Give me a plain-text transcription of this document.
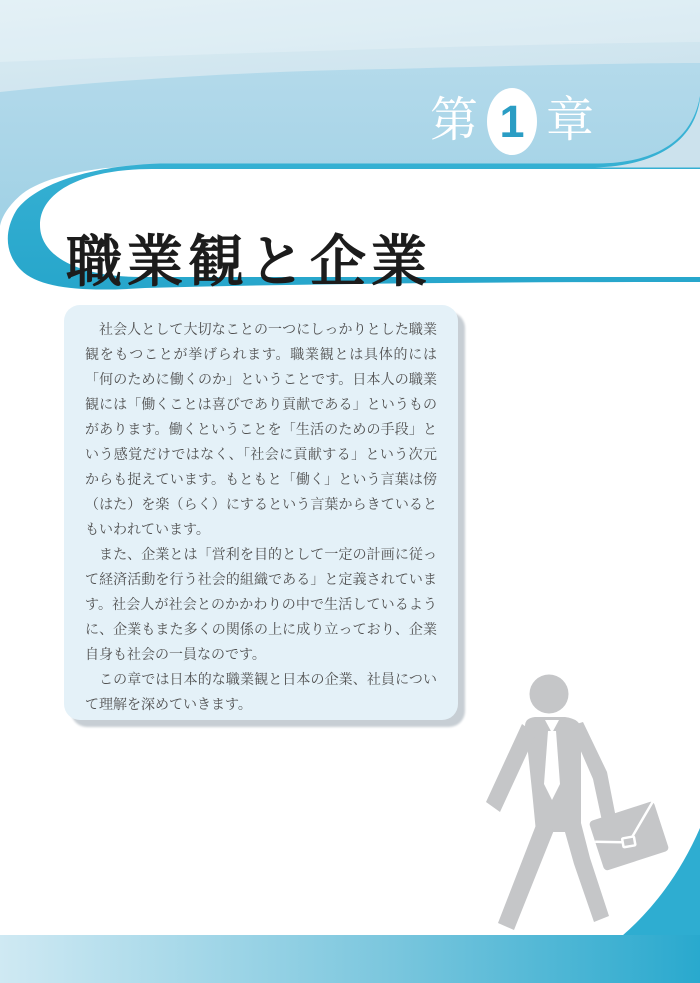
第 1 章
職業観と企業

社会人として大切なことの一つにしっかりとした職業観をもつことが挙げられます。職業観とは具体的には「何のために働くのか」ということです。日本人の職業観には「働くことは喜びであり貢献である」というものがあります。働くということを「生活のための手段」という感覚だけではなく、「社会に貢献する」という次元からも捉えています。もともと「働く」という言葉は傍（はた）を楽（らく）にするという言葉からきているともいわれています。

また、企業とは「営利を目的として一定の計画に従って経済活動を行う社会的組織である」と定義されています。社会人が社会とのかかわりの中で生活しているように、企業もまた多くの関係の上に成り立っており、企業自身も社会の一員なのです。

この章では日本的な職業観と日本の企業、社員について理解を深めていきます。
